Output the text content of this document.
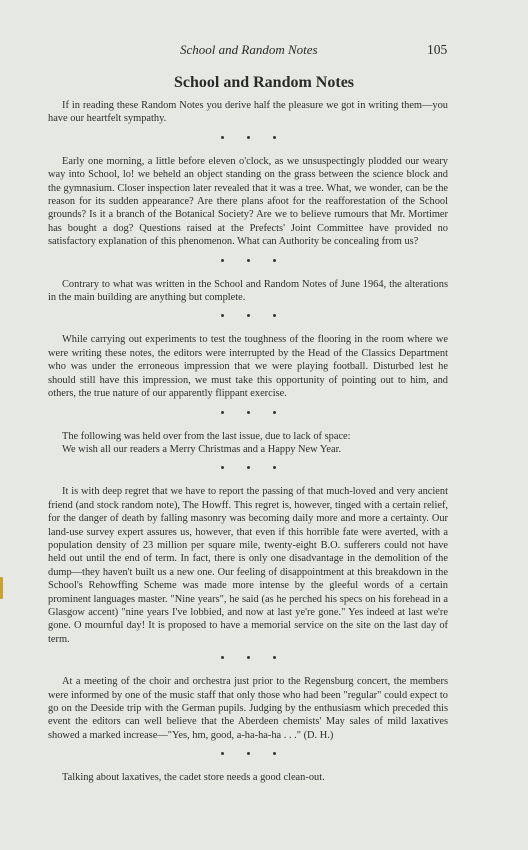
School and Random Notes	105
School and Random Notes

If in reading these Random Notes you derive half the pleasure we got in writing them—you have our heartfelt sympathy.

Early one morning, a little before eleven o'clock, as we unsuspectingly plodded our weary way into School, lo! we beheld an object standing on the grass between the science block and the gymnasium. Closer inspection later revealed that it was a tree. What, we wonder, can be the reason for its sudden appearance? Are there plans afoot for the reafforestation of the School grounds? Is it a branch of the Botanical Society? Are we to believe rumours that Mr. Mortimer has bought a dog? Questions raised at the Prefects' Joint Committee have provided no satisfactory explanation of this phenomenon. What can Authority be concealing from us?

Contrary to what was written in the School and Random Notes of June 1964, the alterations in the main building are anything but complete.

While carrying out experiments to test the toughness of the flooring in the room where we were writing these notes, the editors were interrupted by the Head of the Classics Department who was under the erroneous impression that we were playing football. Disturbed lest he should still have this impression, we must take this opportunity of pointing out to him, and others, the true nature of our apparently flippant exercise.

The following was held over from the last issue, due to lack of space:
We wish all our readers a Merry Christmas and a Happy New Year.

It is with deep regret that we have to report the passing of that much-loved and very ancient friend (and stock random note), The Howff. This regret is, however, tinged with a certain relief, for the danger of death by falling masonry was becoming daily more and more a certainty. Our land-use survey expert assures us, however, that even if this horrible fate were averted, with a population density of 23 million per square mile, twenty-eight B.O. sufferers could not have held out until the end of term. In fact, there is only one disadvantage in the demolition of the dump—they haven't built us a new one. Our feeling of disappointment at this breakdown in the School's Rehowffing Scheme was made more intense by the gleeful words of a certain prominent languages master. "Nine years", he said (as he perched his specs on his forehead in a Glasgow accent) "nine years I've lobbied, and now at last ye're gone." Yes indeed at last we're gone. O mournful day! It is proposed to have a memorial service on the site on the last day of term.

At a meeting of the choir and orchestra just prior to the Regensburg concert, the members were informed by one of the music staff that only those who had been "regular" could expect to go on the Deeside trip with the German pupils. Judging by the enthusiasm which preceded this event the editors can well believe that the Aberdeen chemists' May sales of mild laxatives showed a marked increase—"Yes, hm, good, a-ha-ha-ha . . ." (D. H.)

Talking about laxatives, the cadet store needs a good clean-out.
